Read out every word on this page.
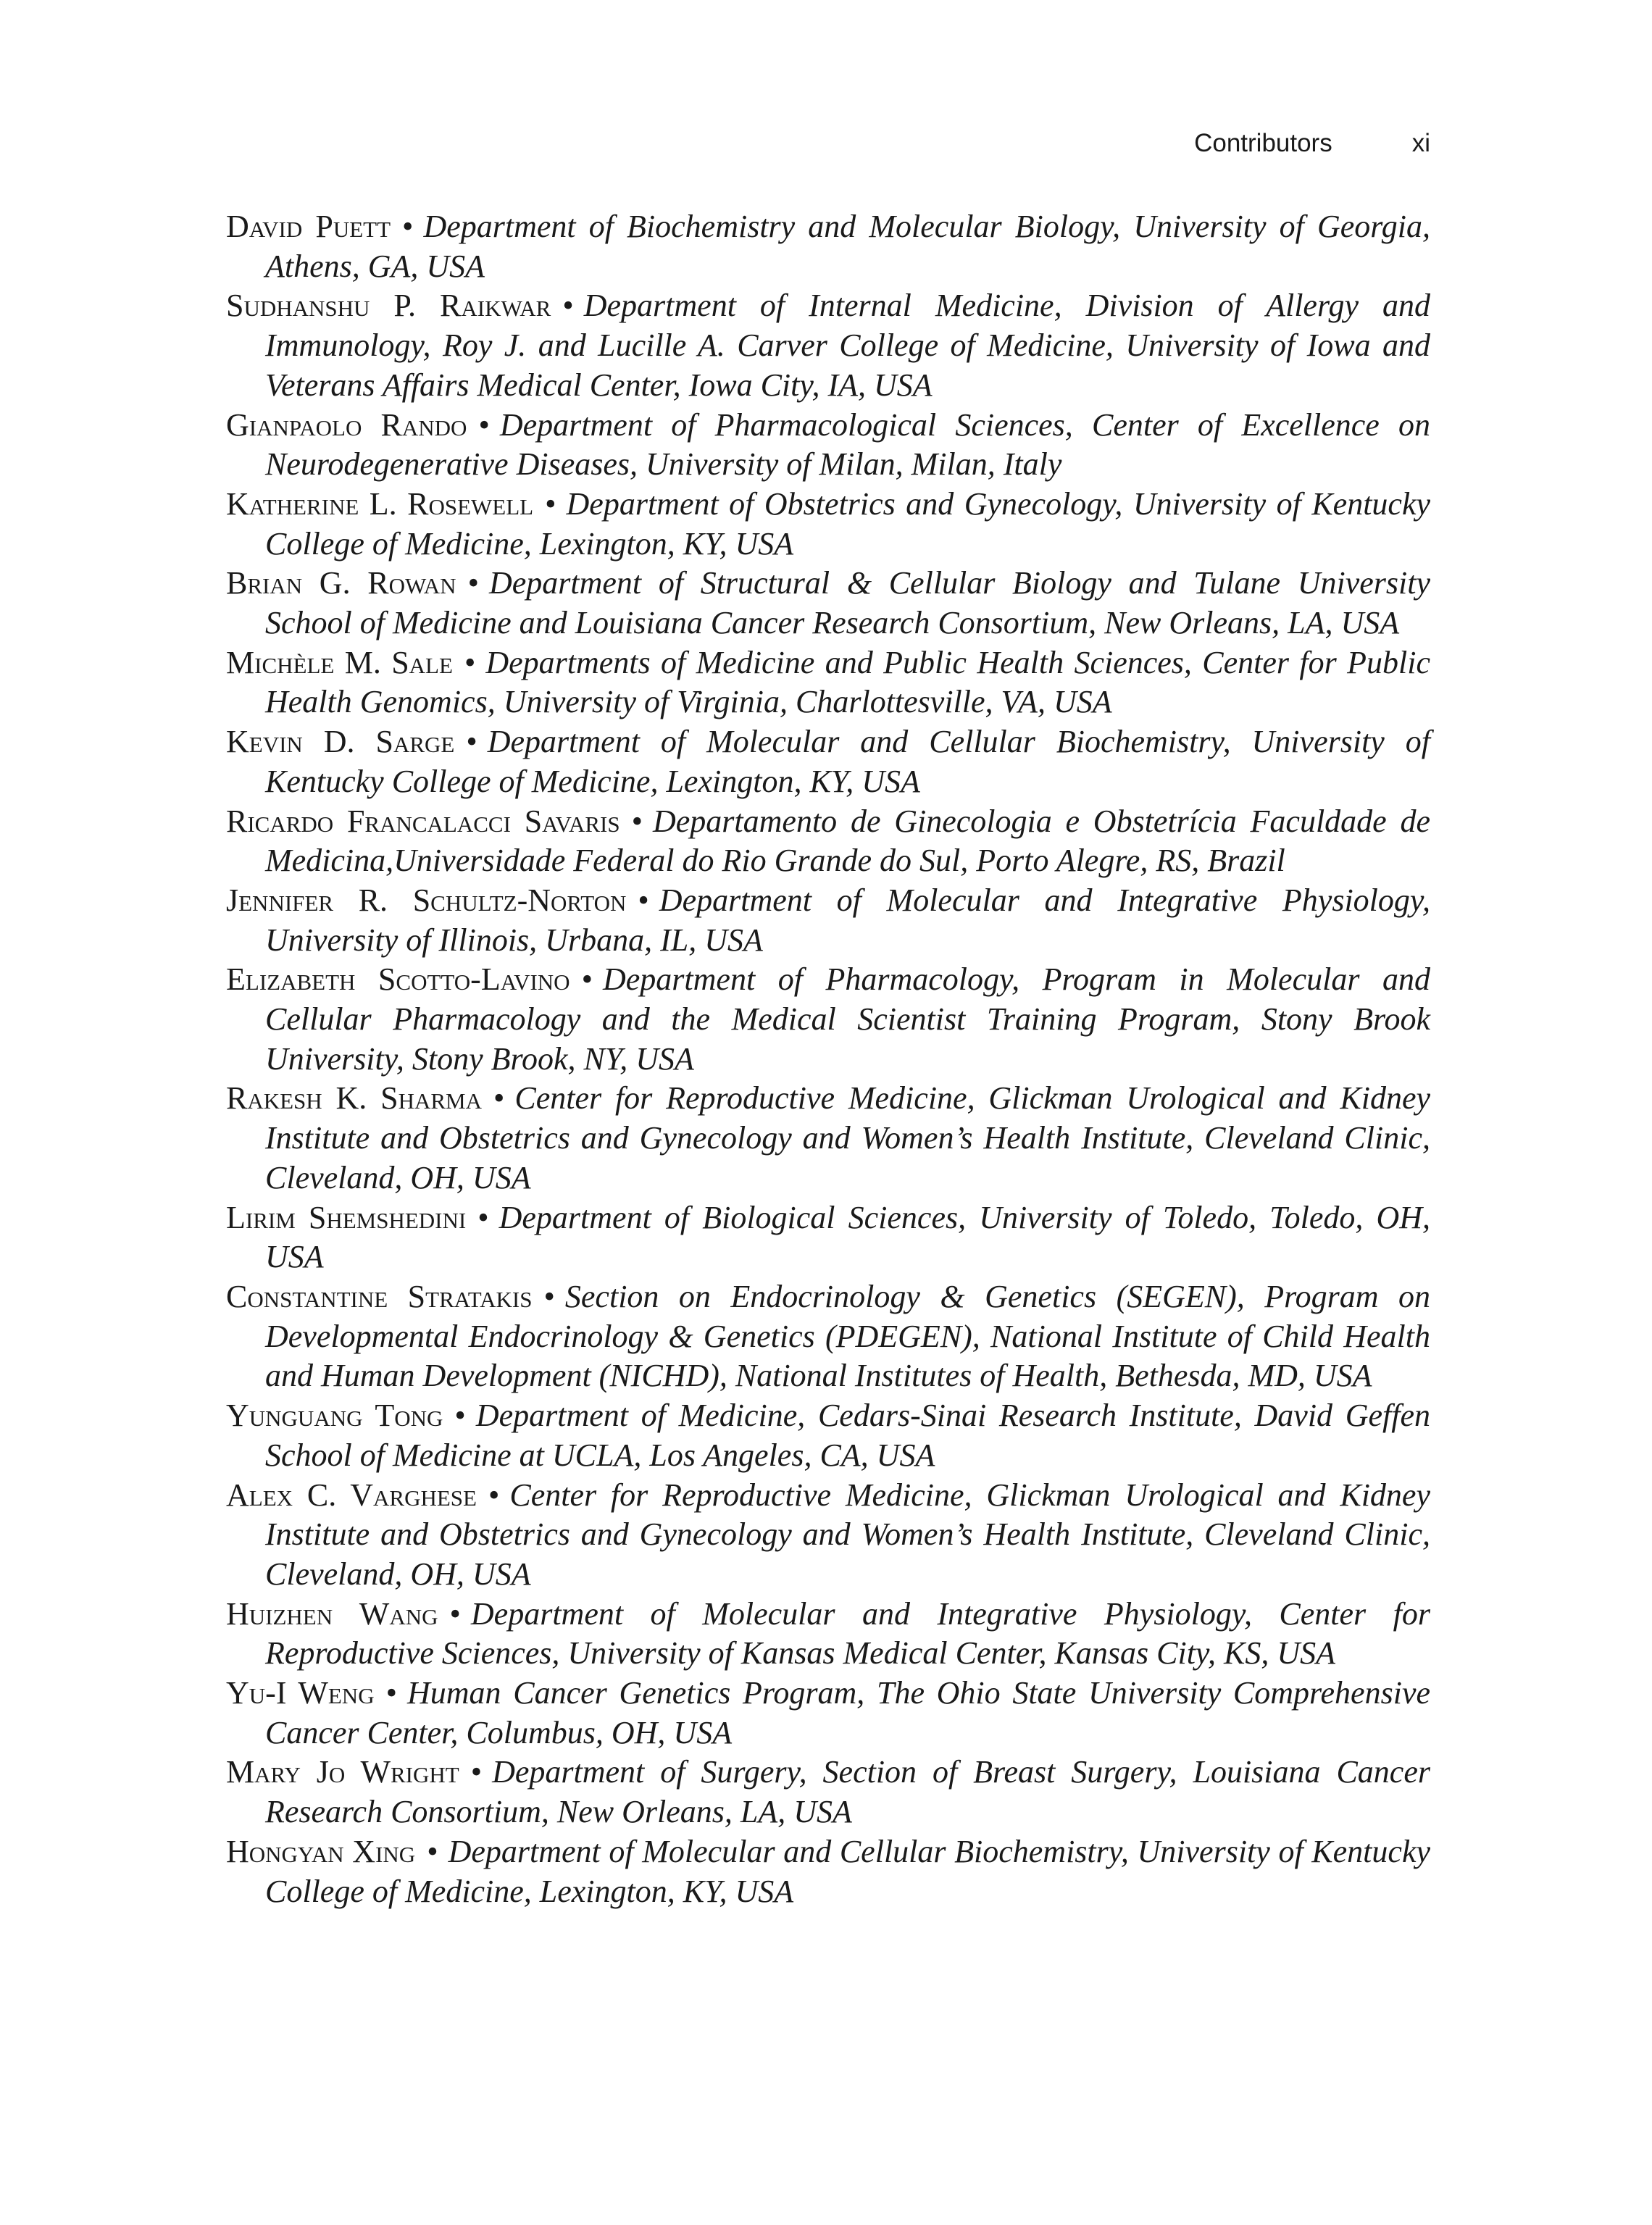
Contributors	xi

David Puett • Department of Biochemistry and Molecular Biology, University of Georgia, Athens, GA, USA

Sudhanshu P. Raikwar • Department of Internal Medicine, Division of Allergy and Immunology, Roy J. and Lucille A. Carver College of Medicine, University of Iowa and Veterans Affairs Medical Center, Iowa City, IA, USA

Gianpaolo Rando • Department of Pharmacological Sciences, Center of Excellence on Neurodegenerative Diseases, University of Milan, Milan, Italy

Katherine L. Rosewell • Department of Obstetrics and Gynecology, University of Kentucky College of Medicine, Lexington, KY, USA

Brian G. Rowan • Department of Structural & Cellular Biology and Tulane University School of Medicine and Louisiana Cancer Research Consortium, New Orleans, LA, USA

Michèle M. Sale • Departments of Medicine and Public Health Sciences, Center for Public Health Genomics, University of Virginia, Charlottesville, VA, USA

Kevin D. Sarge • Department of Molecular and Cellular Biochemistry, University of Kentucky College of Medicine, Lexington, KY, USA

Ricardo Francalacci Savaris • Departamento de Ginecologia e Obstetrícia Faculdade de Medicina,Universidade Federal do Rio Grande do Sul, Porto Alegre, RS, Brazil

Jennifer R. Schultz-Norton • Department of Molecular and Integrative Physiology, University of Illinois, Urbana, IL, USA

Elizabeth Scotto-Lavino • Department of Pharmacology, Program in Molecular and Cellular Pharmacology and the Medical Scientist Training Program, Stony Brook University, Stony Brook, NY, USA

Rakesh K. Sharma • Center for Reproductive Medicine, Glickman Urological and Kidney Institute and Obstetrics and Gynecology and Women’s Health Institute, Cleveland Clinic, Cleveland, OH, USA

Lirim Shemshedini • Department of Biological Sciences, University of Toledo, Toledo, OH, USA

Constantine Stratakis • Section on Endocrinology & Genetics (SEGEN), Program on Developmental Endocrinology & Genetics (PDEGEN), National Institute of Child Health and Human Development (NICHD), National Institutes of Health, Bethesda, MD, USA

Yunguang Tong • Department of Medicine, Cedars-Sinai Research Institute, David Geffen School of Medicine at UCLA, Los Angeles, CA, USA

Alex C. Varghese • Center for Reproductive Medicine, Glickman Urological and Kidney Institute and Obstetrics and Gynecology and Women’s Health Institute, Cleveland Clinic, Cleveland, OH, USA

Huizhen Wang • Department of Molecular and Integrative Physiology, Center for Reproductive Sciences, University of Kansas Medical Center, Kansas City, KS, USA

Yu-I Weng • Human Cancer Genetics Program, The Ohio State University Comprehensive Cancer Center, Columbus, OH, USA

Mary Jo Wright • Department of Surgery, Section of Breast Surgery, Louisiana Cancer Research Consortium, New Orleans, LA, USA

Hongyan Xing • Department of Molecular and Cellular Biochemistry, University of Kentucky College of Medicine, Lexington, KY, USA
